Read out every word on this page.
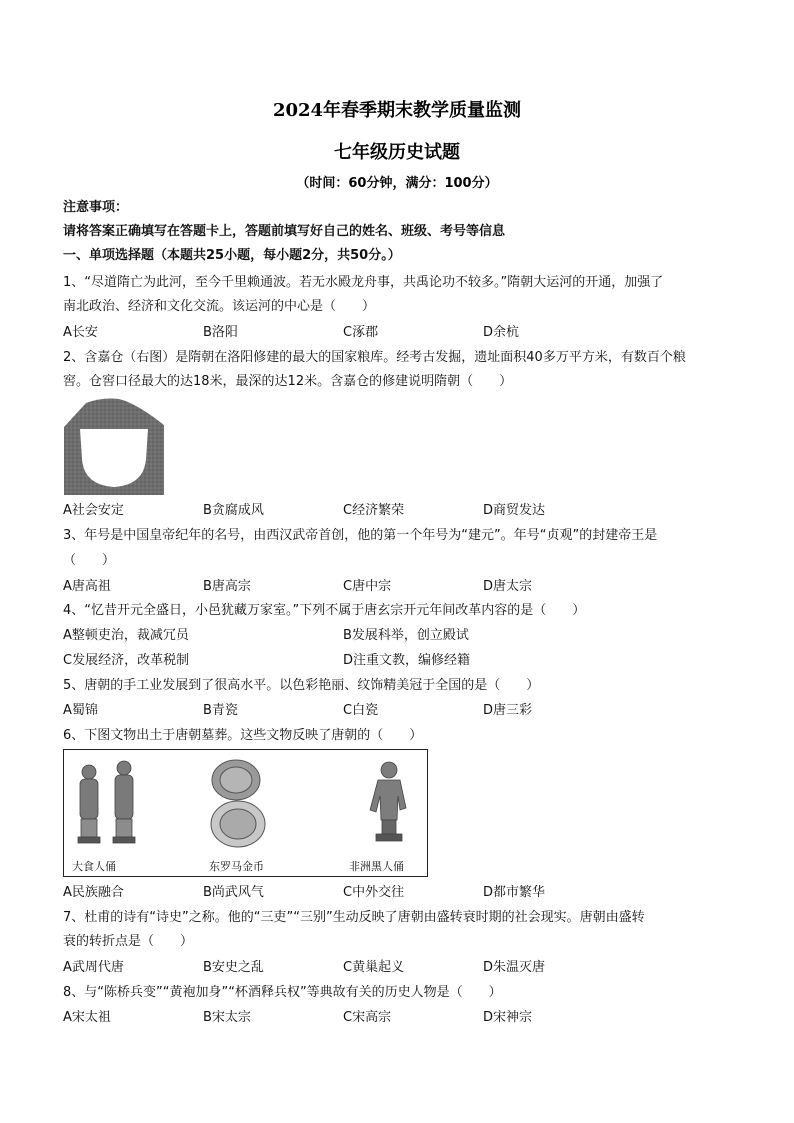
2024年春季期末教学质量监测
七年级历史试题
（时间：60分钟，满分：100分）
注意事项：
请将答案正确填写在答题卡上，答题前填写好自己的姓名、班级、考号等信息
一、单项选择题（本题共25小题，每小题2分，共50分。）
1、“尽道隋亡为此河，至今千里赖通波。若无水殿龙舟事，共禹论功不较多。”隋朝大运河的开通，加强了
南北政治、经济和文化交流。该运河的中心是（　　）
A长安	B洛阳	C涿郡	D余杭
2、含嘉仓（右图）是隋朝在洛阳修建的最大的国家粮库。经考古发掘，遗址面积40多万平方米，有数百个粮
窖。仓窖口径最大的达18米，最深的达12米。含嘉仓的修建说明隋朝（　　）
A社会安定	B贪腐成风	C经济繁荣	D商贸发达
3、年号是中国皇帝纪年的名号，由西汉武帝首创，他的第一个年号为“建元”。年号“贞观”的封建帝王是
（　　）
A唐高祖	B唐高宗	C唐中宗	D唐太宗
4、“忆昔开元全盛日，小邑犹藏万家室。”下列不属于唐玄宗开元年间改革内容的是（　　）
A整顿吏治，裁减冗员	B发展科举，创立殿试
C发展经济，改革税制	D注重文教，编修经籍
5、唐朝的手工业发展到了很高水平。以色彩艳丽、纹饰精美冠于全国的是（　　）
A蜀锦	B青瓷	C白瓷	D唐三彩
6、下图文物出土于唐朝墓葬。这些文物反映了唐朝的（　　）
大食人俑	东罗马金币	非洲黑人俑
A民族融合	B尚武风气	C中外交往	D都市繁华
7、杜甫的诗有“诗史”之称。他的“三吏”“三别”生动反映了唐朝由盛转衰时期的社会现实。唐朝由盛转
衰的转折点是（　　）
A武周代唐	B安史之乱	C黄巢起义	D朱温灭唐
8、与“陈桥兵变”“黄袍加身”“杯酒释兵权”等典故有关的历史人物是（　　）
A宋太祖	B宋太宗	C宋高宗	D宋神宗
